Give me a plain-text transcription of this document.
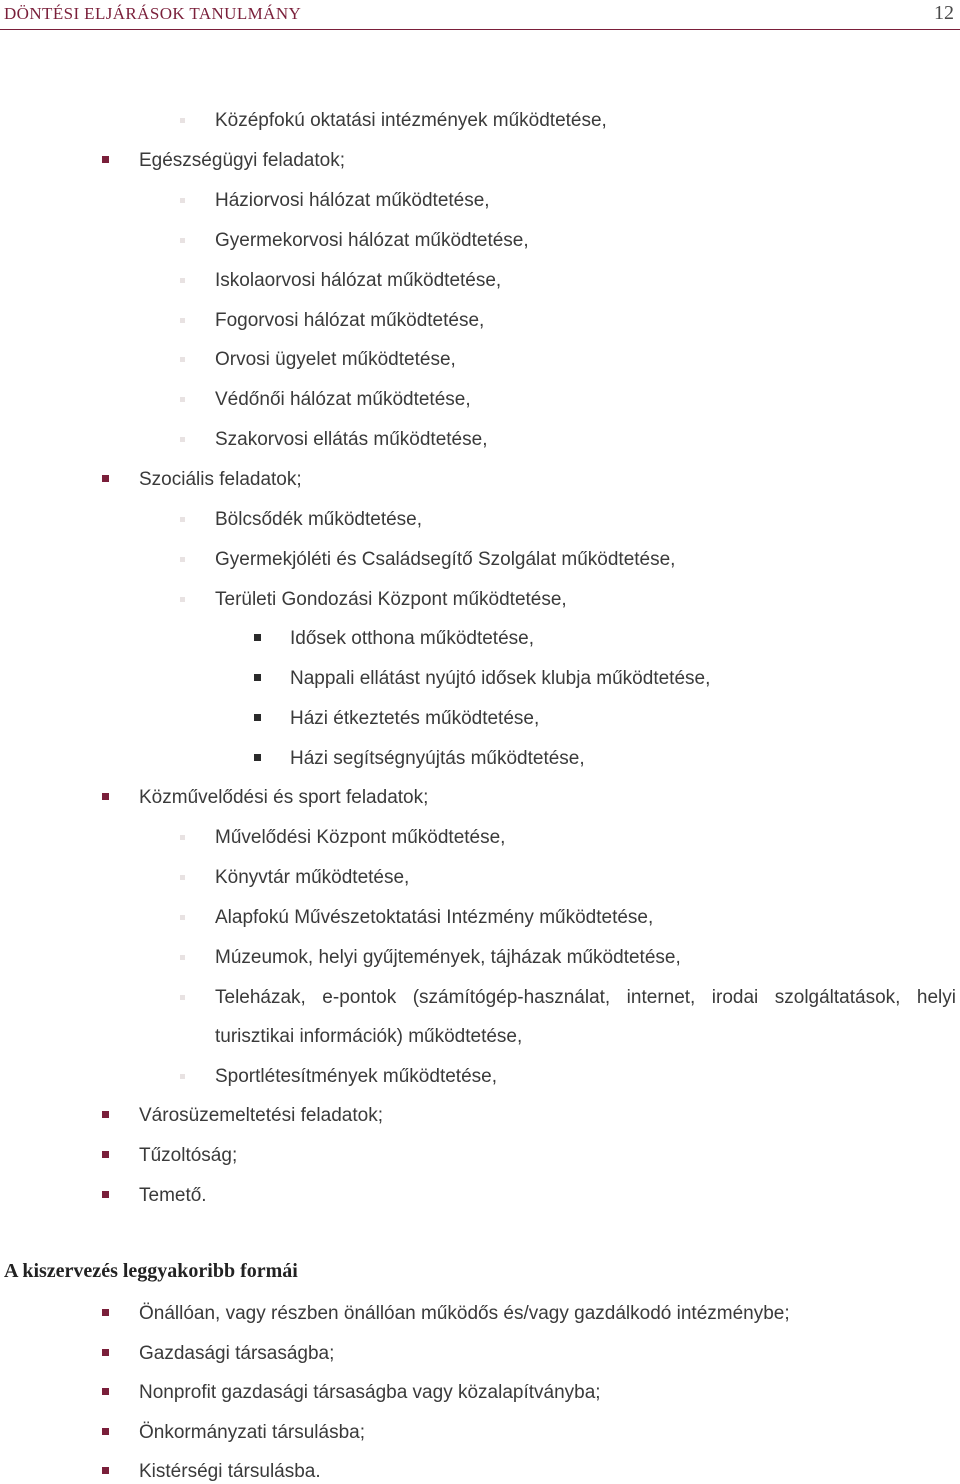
DÖNTÉSI ELJÁRÁSOK TANULMÁNY	12
Középfokú oktatási intézmények működtetése,
Egészségügyi feladatok;
Háziorvosi hálózat működtetése,
Gyermekorvosi hálózat működtetése,
Iskolaorvosi hálózat működtetése,
Fogorvosi hálózat működtetése,
Orvosi ügyelet működtetése,
Védőnői hálózat működtetése,
Szakorvosi ellátás működtetése,
Szociális feladatok;
Bölcsődék működtetése,
Gyermekjóléti és Családsegítő Szolgálat működtetése,
Területi Gondozási Központ működtetése,
Idősek otthona működtetése,
Nappali ellátást nyújtó idősek klubja működtetése,
Házi étkeztetés működtetése,
Házi segítségnyújtás működtetése,
Közművelődési és sport feladatok;
Művelődési Központ működtetése,
Könyvtár működtetése,
Alapfokú Művészetoktatási Intézmény működtetése,
Múzeumok, helyi gyűjtemények, tájházak működtetése,
Teleházak, e-pontok (számítógép-használat, internet, irodai szolgáltatások, helyi
turisztikai információk) működtetése,
Sportlétesítmények működtetése,
Városüzemeltetési feladatok;
Tűzoltóság;
Temető.
A kiszervezés leggyakoribb formái
Önállóan, vagy részben önállóan működős és/vagy gazdálkodó intézménybe;
Gazdasági társaságba;
Nonprofit gazdasági társaságba vagy közalapítványba;
Önkormányzati társulásba;
Kistérségi társulásba.
